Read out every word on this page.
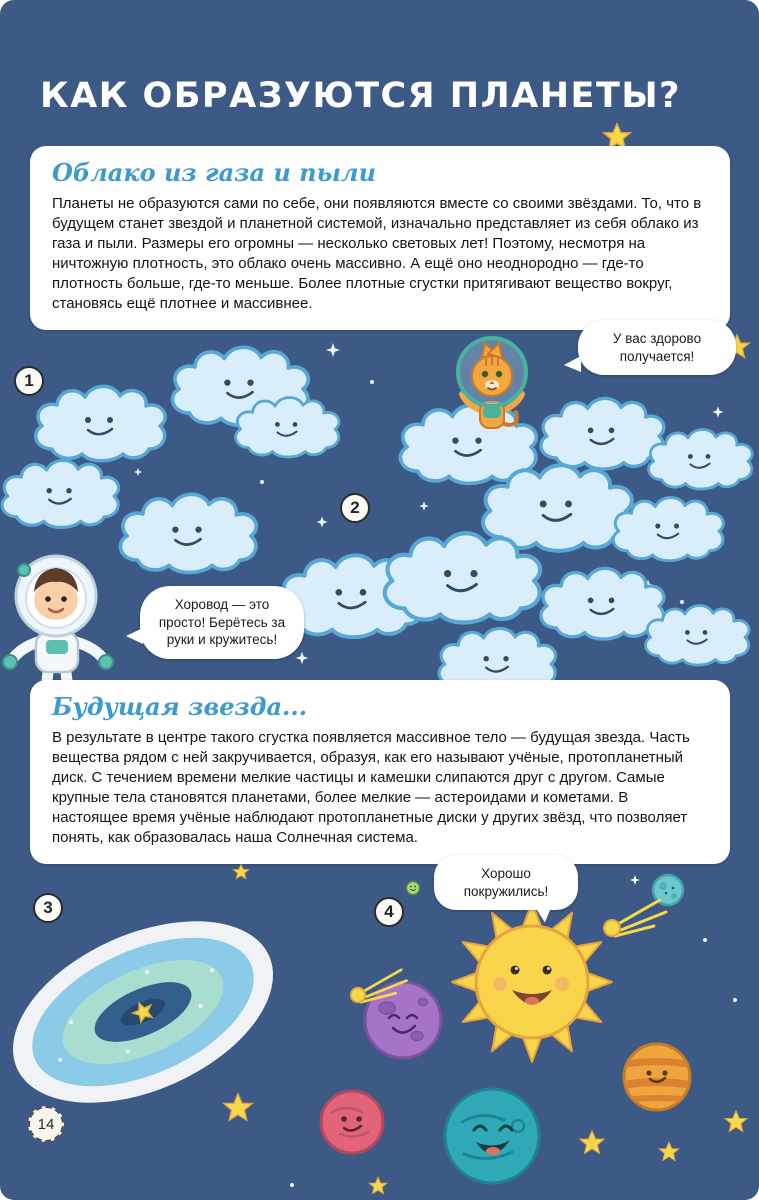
КАК ОБРАЗУЮТСЯ ПЛАНЕТЫ?
Облако из газа и пыли

Планеты не образуются сами по себе, они появляются вместе со своими звёздами. То, что в будущем станет звездой и планетной системой, изначально представляет из себя облако из газа и пыли. Размеры его огромны — несколько световых лет! Поэтому, несмотря на ничтожную плотность, это облако очень массивно. А ещё оно неоднородно — где-то плотность больше, где-то меньше. Более плотные сгустки притягивают вещество вокруг, становясь ещё плотнее и массивнее.

Будущая звезда...

В результате в центре такого сгустка появляется массивное тело — будущая звезда. Часть вещества рядом с ней закручивается, образуя, как его называют учёные, протопланетный диск. С течением времени мелкие частицы и камешки слипаются друг с другом. Самые крупные тела становятся планетами, более мелкие — астероидами и кометами. В настоящее время учёные наблюдают протопланетные диски у других звёзд, что позволяет понять, как образовалась наша Солнечная система.

1
2
3	4
У вас здорово получается!
Хоровод — это просто! Берётесь за руки и кружитесь!
Хорошо покружились!
14
